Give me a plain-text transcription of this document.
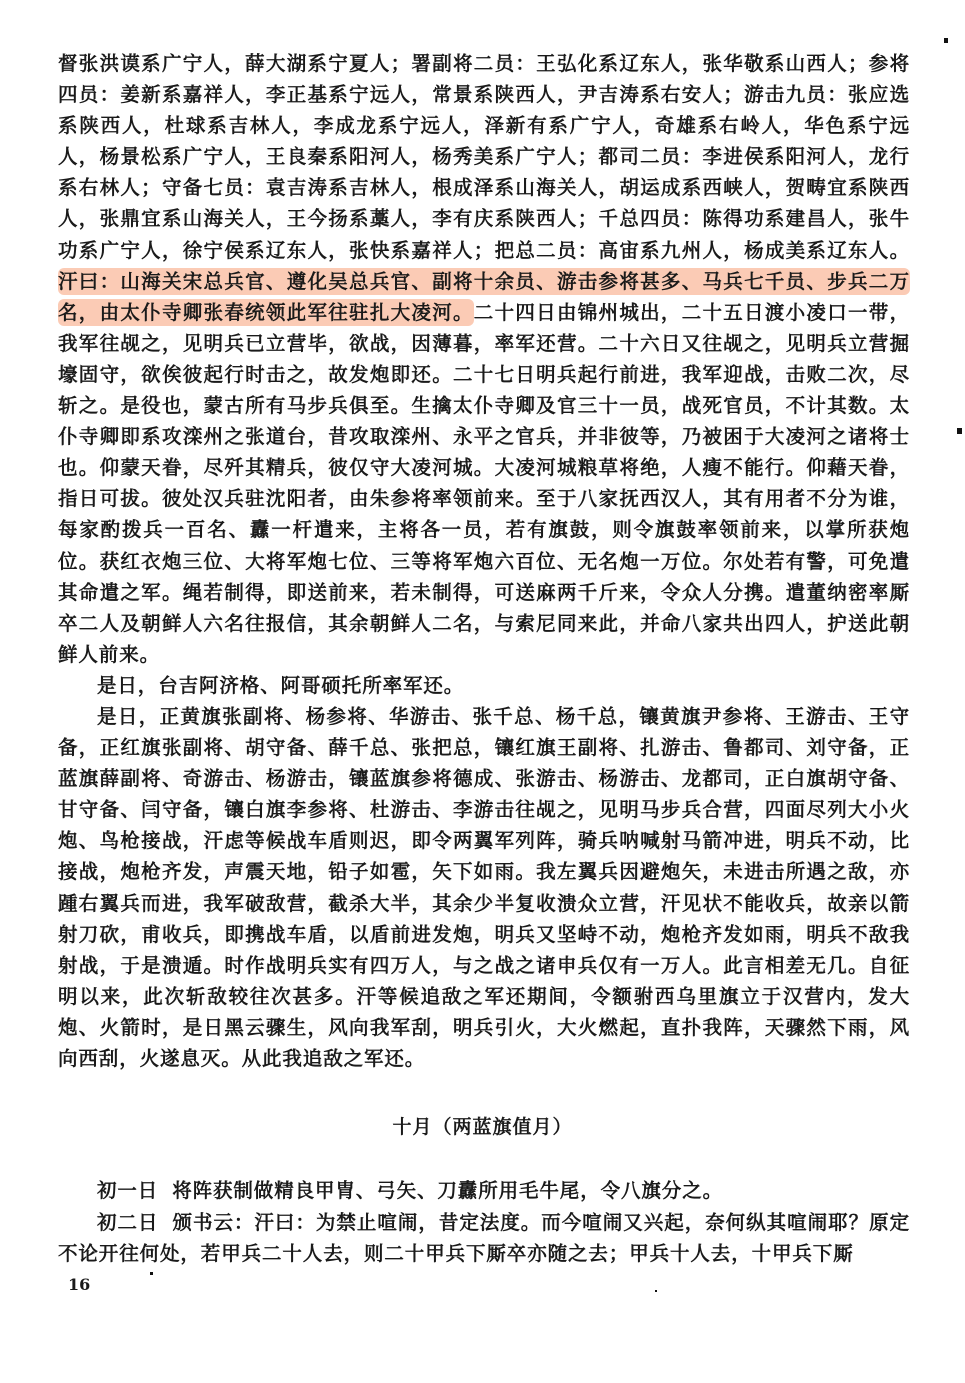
督张洪谟系广宁人，薛大湖系宁夏人；署副将二员：王弘化系辽东人，张华敬系山西人；参将四员：姜新系嘉祥人，李正基系宁远人，常景系陕西人，尹吉涛系右安人；游击九员：张应选系陕西人，杜球系吉林人，李成龙系宁远人，泽新有系广宁人，奇雄系右岭人，华色系宁远人，杨景松系广宁人，王良秦系阳河人，杨秀美系广宁人；都司二员：李进侯系阳河人，龙行系右林人；守备七员：袁吉涛系吉林人，根成泽系山海关人，胡运成系西峡人，贺畴宜系陕西人，张鼎宜系山海关人，王今扬系藁人，李有庆系陕西人；千总四员：陈得功系建昌人，张牛功系广宁人，徐宁侯系辽东人，张快系嘉祥人；把总二员：高宙系九州人，杨成美系辽东人。汗曰：山海关宋总兵官、遵化吴总兵官、副将十余员、游击参将甚多、马兵七千员、步兵二万名，由太仆寺卿张春统领此军往驻扎大凌河。二十四日由锦州城出，二十五日渡小凌口一带，我军往觇之，见明兵已立营毕，欲战，因薄暮，率军还营。二十六日又往觇之，见明兵立营掘壕固守，欲俟彼起行时击之，故发炮即还。二十七日明兵起行前进，我军迎战，击败二次，尽斩之。是役也，蒙古所有马步兵俱至。生擒太仆寺卿及官三十一员，战死官员，不计其数。太仆寺卿即系攻滦州之张道台，昔攻取滦州、永平之官兵，并非彼等，乃被困于大凌河之诸将士也。仰蒙天眷，尽歼其精兵，彼仅守大凌河城。大凌河城粮草将绝，人瘦不能行。仰藉天眷，指日可拔。彼处汉兵驻沈阳者，由朱参将率领前来。至于八家抚西汉人，其有用者不分为谁，每家酌拨兵一百名、纛一杆遣来，主将各一员，若有旗鼓，则令旗鼓率领前来，以掌所获炮位。获红衣炮三位、大将军炮七位、三等将军炮六百位、无名炮一万位。尔处若有警，可免遣其命遣之军。绳若制得，即送前来，若未制得，可送麻两千斤来，令众人分携。遣董纳密率厮卒二人及朝鲜人六名往报信，其余朝鲜人二名，与索尼同来此，并命八家共出四人，护送此朝鲜人前来。

是日，台吉阿济格、阿哥硕托所率军还。

是日，正黄旗张副将、杨参将、华游击、张千总、杨千总，镶黄旗尹参将、王游击、王守备，正红旗张副将、胡守备、薛千总、张把总，镶红旗王副将、扎游击、鲁都司、刘守备，正蓝旗薛副将、奇游击、杨游击，镶蓝旗参将德成、张游击、杨游击、龙都司，正白旗胡守备、甘守备、闫守备，镶白旗李参将、杜游击、李游击往觇之，见明马步兵合营，四面尽列大小火炮、鸟枪接战，汗虑等候战车盾则迟，即令两翼军列阵，骑兵呐喊射马箭冲进，明兵不动，比接战，炮枪齐发，声震天地，铅子如雹，矢下如雨。我左翼兵因避炮矢，未进击所遇之敌，亦踵右翼兵而进，我军破敌营，截杀大半，其余少半复收溃众立营，汗见状不能收兵，故亲以箭射刀砍，甫收兵，即携战车盾，以盾前进发炮，明兵又坚峙不动，炮枪齐发如雨，明兵不敌我射战，于是溃遁。时作战明兵实有四万人，与之战之诸申兵仅有一万人。此言相差无几。自征明以来，此次斩敌较往次甚多。汗等候追敌之军还期间，令额驸西乌里旗立于汉营内，发大炮、火箭时，是日黑云骤生，风向我军刮，明兵引火，大火燃起，直扑我阵，天骤然下雨，风向西刮，火遂息灭。从此我追敌之军还。

十月（两蓝旗值月）

初一日 将阵获制做精良甲胄、弓矢、刀纛所用毛牛尾，令八旗分之。

初二日 颁书云：汗曰：为禁止喧闹，昔定法度。而今喧闹又兴起，奈何纵其喧闹耶？原定不论开往何处，若甲兵二十人去，则二十甲兵下厮卒亦随之去；甲兵十人去，十甲兵下厮

16
